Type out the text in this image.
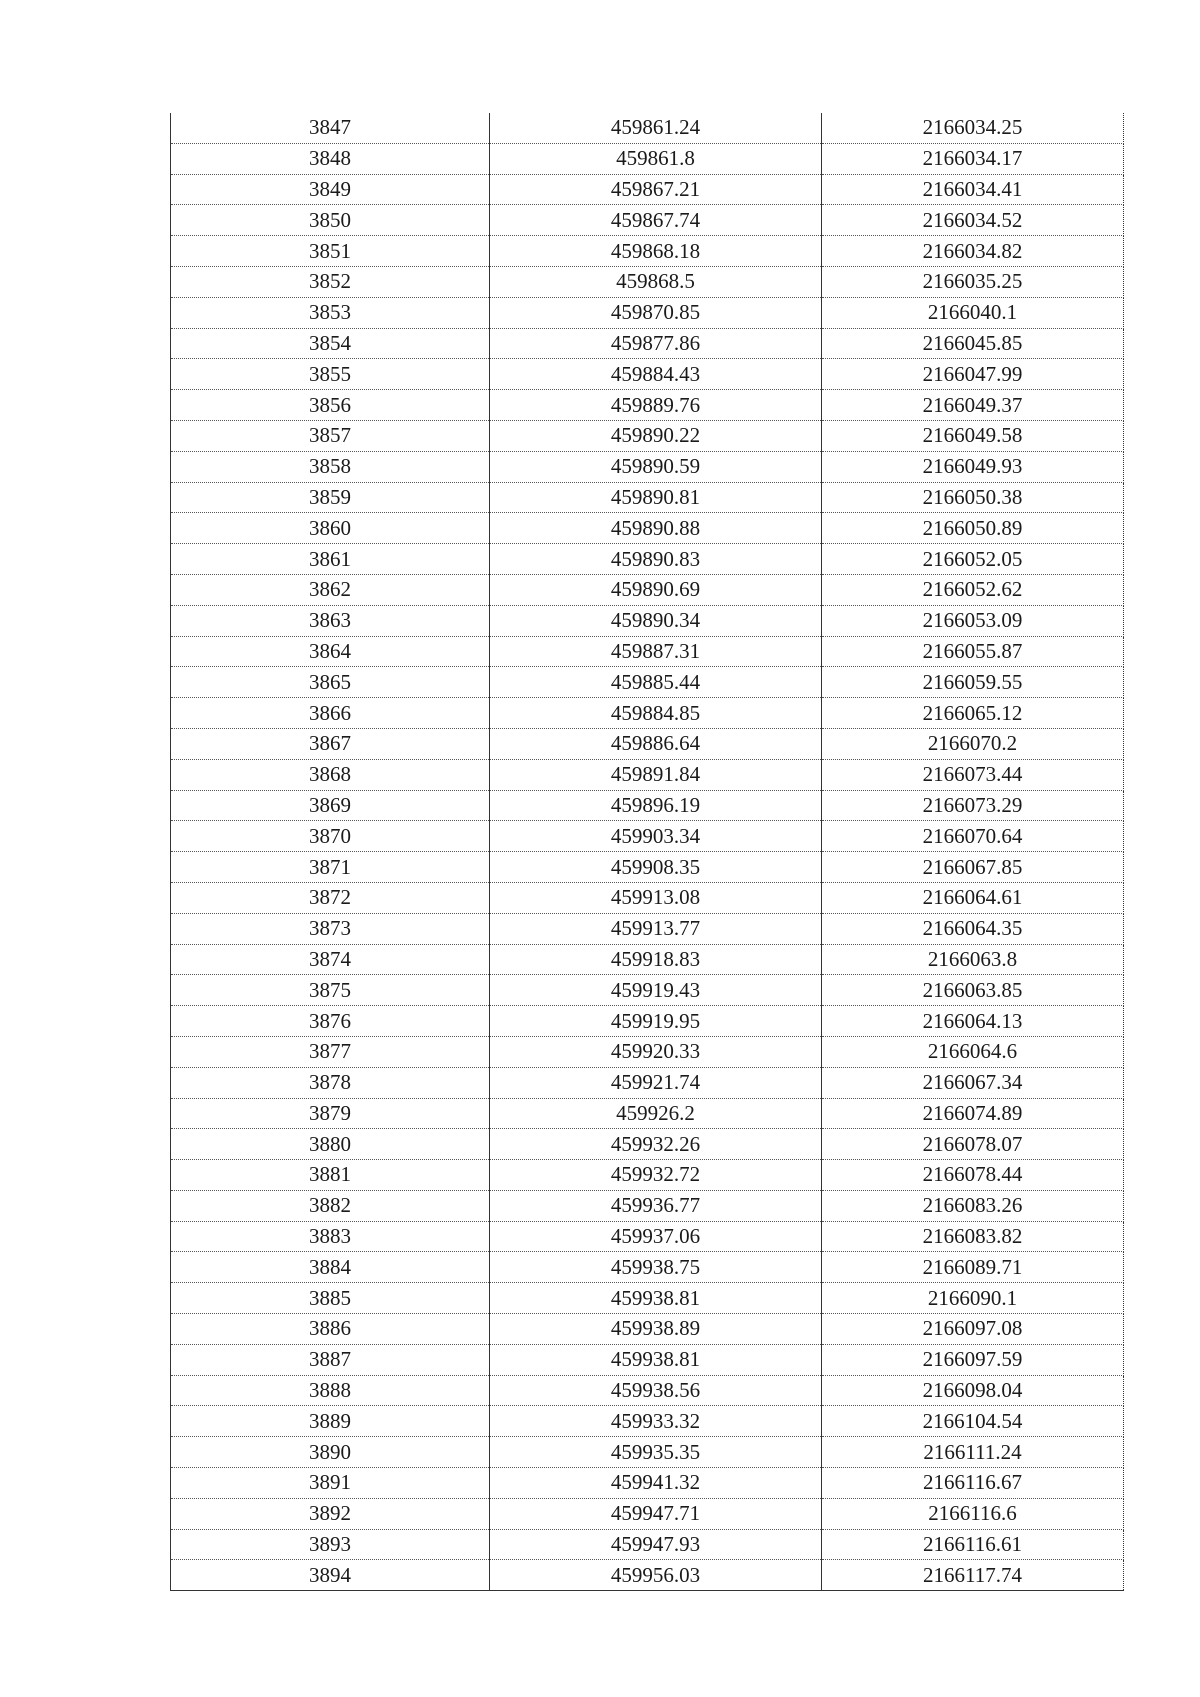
3847	459861.24	2166034.25
3848	459861.8	2166034.17
3849	459867.21	2166034.41
3850	459867.74	2166034.52
3851	459868.18	2166034.82
3852	459868.5	2166035.25
3853	459870.85	2166040.1
3854	459877.86	2166045.85
3855	459884.43	2166047.99
3856	459889.76	2166049.37
3857	459890.22	2166049.58
3858	459890.59	2166049.93
3859	459890.81	2166050.38
3860	459890.88	2166050.89
3861	459890.83	2166052.05
3862	459890.69	2166052.62
3863	459890.34	2166053.09
3864	459887.31	2166055.87
3865	459885.44	2166059.55
3866	459884.85	2166065.12
3867	459886.64	2166070.2
3868	459891.84	2166073.44
3869	459896.19	2166073.29
3870	459903.34	2166070.64
3871	459908.35	2166067.85
3872	459913.08	2166064.61
3873	459913.77	2166064.35
3874	459918.83	2166063.8
3875	459919.43	2166063.85
3876	459919.95	2166064.13
3877	459920.33	2166064.6
3878	459921.74	2166067.34
3879	459926.2	2166074.89
3880	459932.26	2166078.07
3881	459932.72	2166078.44
3882	459936.77	2166083.26
3883	459937.06	2166083.82
3884	459938.75	2166089.71
3885	459938.81	2166090.1
3886	459938.89	2166097.08
3887	459938.81	2166097.59
3888	459938.56	2166098.04
3889	459933.32	2166104.54
3890	459935.35	2166111.24
3891	459941.32	2166116.67
3892	459947.71	2166116.6
3893	459947.93	2166116.61
3894	459956.03	2166117.74
